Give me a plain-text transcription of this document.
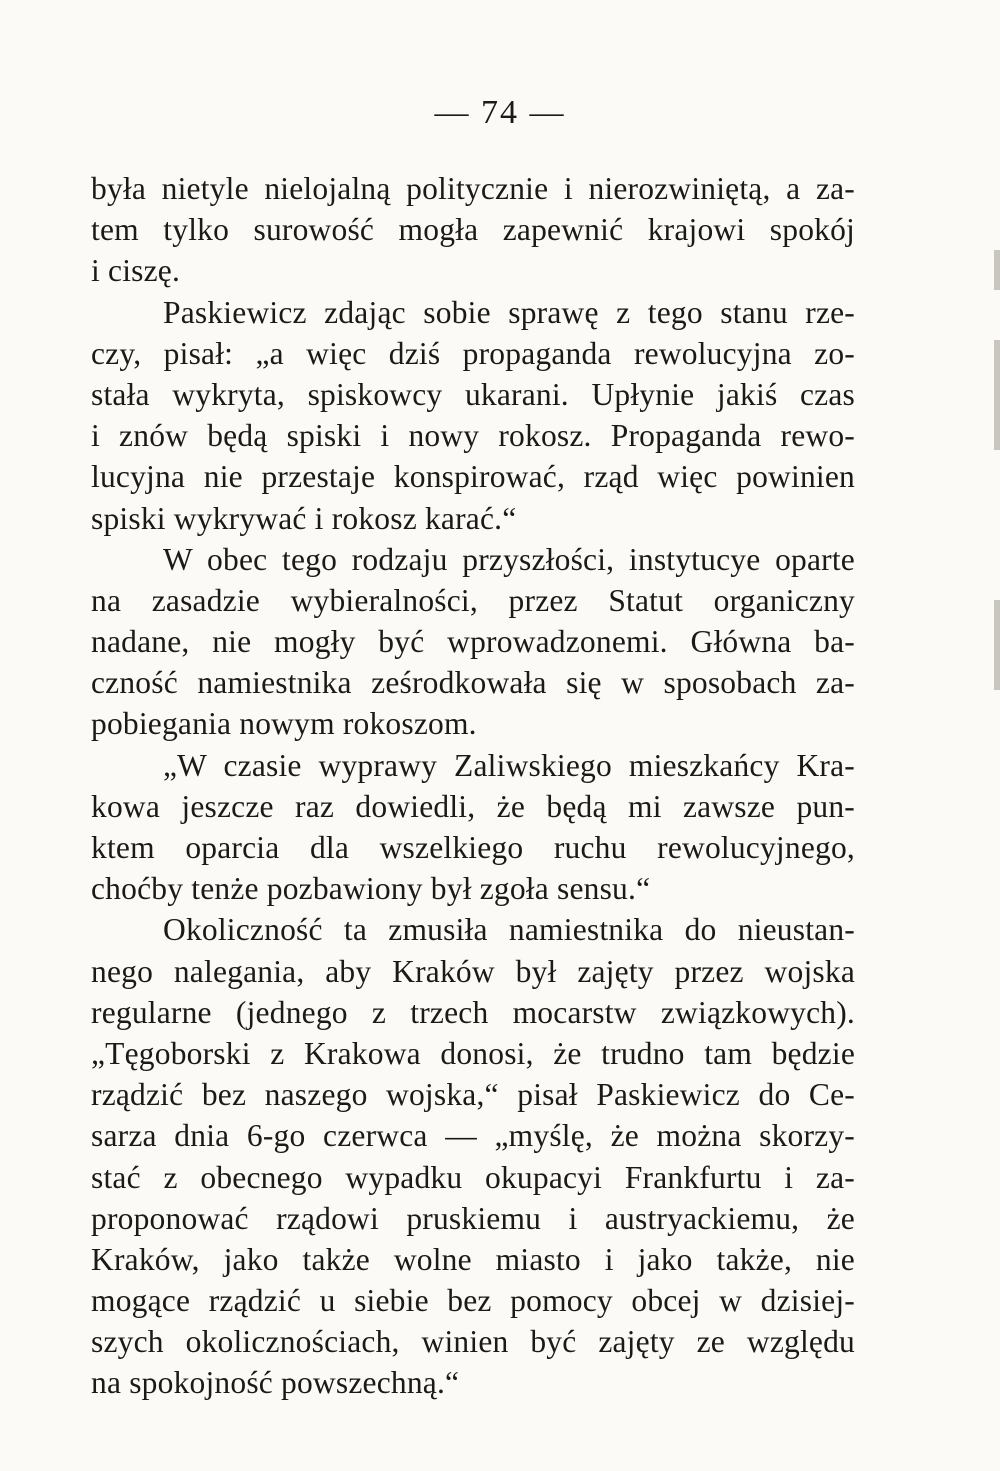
— 74 —
była nietyle nielojalną politycznie i nierozwiniętą, a za-
tem tylko surowość mogła zapewnić krajowi spokój
i ciszę.
Paskiewicz zdając sobie sprawę z tego stanu rze-
czy, pisał: „a więc dziś propaganda rewolucyjna zo-
stała wykryta, spiskowcy ukarani. Upłynie jakiś czas
i znów będą spiski i nowy rokosz. Propaganda rewo-
lucyjna nie przestaje konspirować, rząd więc powinien
spiski wykrywać i rokosz karać.“
W obec tego rodzaju przyszłości, instytucye oparte
na zasadzie wybieralności, przez Statut organiczny
nadane, nie mogły być wprowadzonemi. Główna ba-
czność namiestnika ześrodkowała się w sposobach za-
pobiegania nowym rokoszom.
„W czasie wyprawy Zaliwskiego mieszkańcy Kra-
kowa jeszcze raz dowiedli, że będą mi zawsze pun-
ktem oparcia dla wszelkiego ruchu rewolucyjnego,
choćby tenże pozbawiony był zgoła sensu.“
Okoliczność ta zmusiła namiestnika do nieustan-
nego nalegania, aby Kraków był zajęty przez wojska
regularne (jednego z trzech mocarstw związkowych).
„Tęgoborski z Krakowa donosi, że trudno tam będzie
rządzić bez naszego wojska,“ pisał Paskiewicz do Ce-
sarza dnia 6-go czerwca — „myślę, że można skorzy-
stać z obecnego wypadku okupacyi Frankfurtu i za-
proponować rządowi pruskiemu i austryackiemu, że
Kraków, jako także wolne miasto i jako także, nie
mogące rządzić u siebie bez pomocy obcej w dzisiej-
szych okolicznościach, winien być zajęty ze względu
na spokojność powszechną.“
